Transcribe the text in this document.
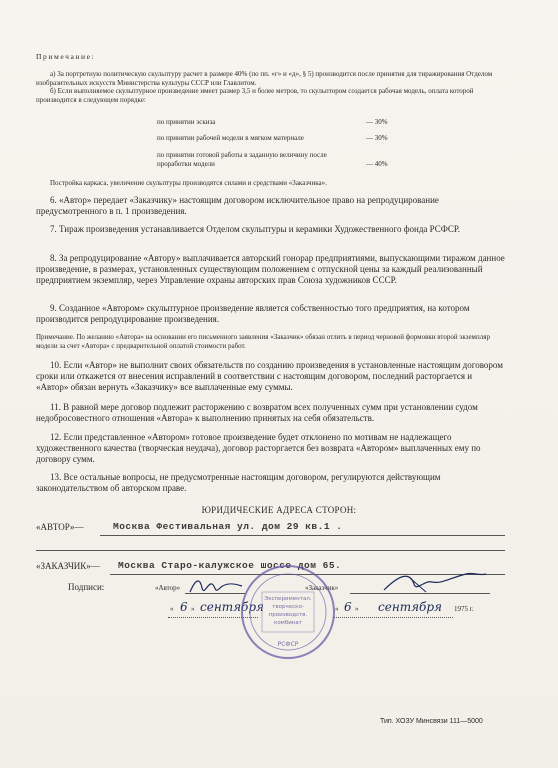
Примечание:

а) За портретную политическую скульптуру расчет в размере 40% (по пп. «г» и «д», § 5) производится после принятия для тиражирования Отделом изобразительных искусств Министерства культуры СССР или Главлитом.

б) Если выполняемое скульптурное произведение имеет размер 3,5 и более метров, то скульптором создается рабочая модель, оплата которой производится в следующем порядке:

по принятии эскиза	— 30%
по принятии рабочей модели в мягком материале	— 30%
по принятии готовой работы в заданную величину после проработки модели	— 40%

Постройка каркаса, увеличение скульптуры производятся силами и средствами «Заказчика».

6. «Автор» передает «Заказчику» настоящим договором исключительное право на репродуцирование предусмотренного в п. 1 произведения.

7. Тираж произведения устанавливается Отделом скульптуры и керамики Художественного фонда РСФСР.

8. За репродуцирование «Автору» выплачивается авторский гонорар предприятиями, выпускающими тиражом данное произведение, в размерах, установленных существующим положением с отпускной цены за каждый реализованный предприятием экземпляр, через Управление охраны авторских прав Союза художников СССР.

9. Созданное «Автором» скульптурное произведение является собственностью того предприятия, на котором производится репродуцирование произведения.

Примечание. По желанию «Автора» на основании его письменного заявления «Заказчик» обязан отлить в период черновой формовки второй экземпляр модели за счет «Автора» с предварительной оплатой стоимости работ.

10. Если «Автор» не выполнит своих обязательств по созданию произведения в установленные настоящим договором сроки или откажется от внесения исправлений в соответствии с настоящим договором, последний расторгается и «Автор» обязан вернуть «Заказчику» все выплаченные ему суммы.

11. В равной мере договор подлежит расторжению с возвратом всех полученных сумм при установлении судом недобросовестного отношения «Автора» к выполнению принятых на себя обязательств.

12. Если представленное «Автором» готовое произведение будет отклонено по мотивам не надлежащего художественного качества (творческая неудача), договор расторгается без возврата «Автором» выплаченных ему по договору сумм.

13. Все остальные вопросы, не предусмотренные настоящим договором, регулируются действующим законодательством об авторском праве.

ЮРИДИЧЕСКИЕ АДРЕСА СТОРОН:

«АВТОР»—	Москва Фестивальная ул. дом 29 кв.1 .
«ЗАКАЗЧИК»— Москва Старо-калужское шоссе дом 65.
Подписи:	«Автор»	«Заказчик»
« 6 » сентября	« 6 » сентября 1975 г.
Экспериментал.
творческо-
производств.
комбинат
РСФСР
Тип. ХОЗУ Минсвязи 111—5000
